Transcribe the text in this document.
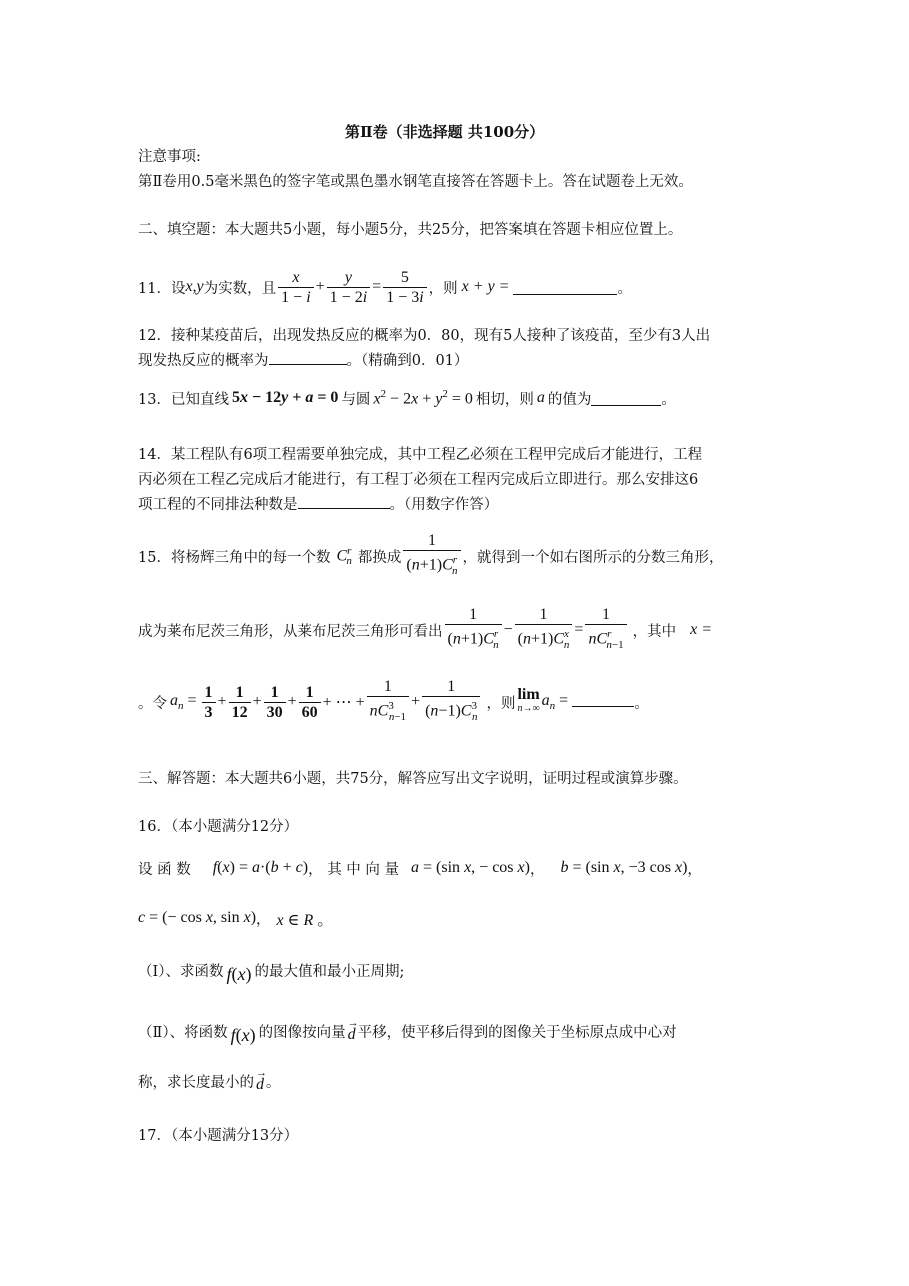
第Ⅱ卷（非选择题 共100分）
注意事项:
第Ⅱ卷用0.5毫米黑色的签字笔或黑色墨水钢笔直接答在答题卡上。答在试题卷上无效。
二、填空题：本大题共5小题，每小题5分，共25分，把答案填在答题卡相应位置上。
11．设 x,y 为实数，且 $\frac{x}{1 - i} + \frac{y}{1 - 2i} = \frac{5}{1 - 3i}$ ，则 x + y =	。
12．接种某疫苗后，出现发热反应的概率为0．80，现有5人接种了该疫苗，至少有3人出
现发热反应的概率为	。（精确到0．01）
13．已知直线 5x − 12y + a = 0 与圆 $x^2 - 2x + y^2 = 0$ 相切，则 a 的值为	。
14．某工程队有6项工程需要单独完成，其中工程乙必须在工程甲完成后才能进行，工程
丙必须在工程乙完成后才能进行，有工程丁必须在工程丙完成后立即进行。那么安排这6
项工程的不同排法种数是	。（用数字作答）
15．将杨辉三角中的每一个数 $C^r_n$ 都换成 $\frac{1}{(n+1)C^r_n}$ ，就得到一个如右图所示的分数三角形，
成为莱布尼茨三角形，从莱布尼茨三角形可看出 $\frac{1}{(n+1)C^r_n} - \frac{1}{(n+1)C^x_n} = \frac{1}{nC^r_{n-1}}$ ，其中 x =
。令 $a_n = \frac{1}{3} + \frac{1}{12} + \frac{1}{30} + \frac{1}{60}$ + ⋯ + $\frac{1}{nC^3_{n-1}} + \frac{1}{(n-1)C^3_n}$ ，则
lim
n→∞ $a_n$ =	。
三、解答题：本大题共6小题，共75分，解答应写出文字说明，证明过程或演算步骤。
16．（本小题满分12分）
设 函 数 f(x) = a·(b + c) ， 其 中 向 量 a = (sin x, − cos x) ， b = (sin x, −3 cos x) ，
c = (− cos x, sin x) ， x ∈ R 。
（Ⅰ）、求函数 f(x) 的最大值和最小正周期;
（Ⅱ）、将函数 f(x) 的图像按向量
→
d 平移，使平移后得到的图像关于坐标原点成中心对
称，求长度最小的
→
d 。
17．（本小题满分13分）
